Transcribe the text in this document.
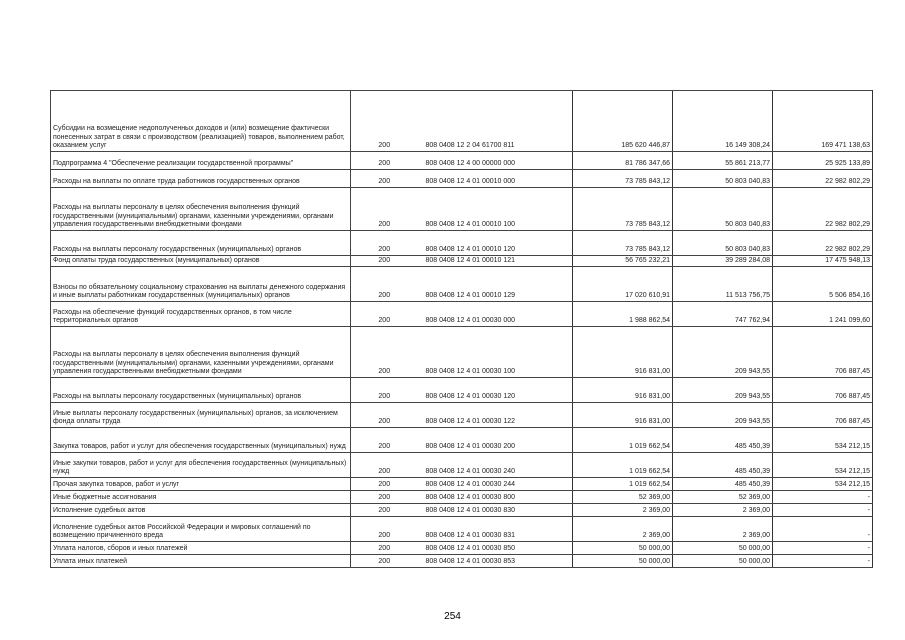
Субсидии на возмещение недополученных доходов и (или) возмещение фактически понесенных затрат в связи с производством (реализацией) товаров, выполнением работ, оказанием услуг	200	808 0408 12 2 04 61700 811	185 620 446,87	16 149 308,24	169 471 138,63
Подпрограмма 4 "Обеспечение реализации государственной программы"	200	808 0408 12 4 00 00000 000	81 786 347,66	55 861 213,77	25 925 133,89
Расходы на выплаты по оплате труда работников государственных органов	200	808 0408 12 4 01 00010 000	73 785 843,12	50 803 040,83	22 982 802,29
Расходы на выплаты персоналу в целях обеспечения выполнения функций государственными (муниципальными) органами, казенными учреждениями, органами управления государственными внебюджетными фондами	200	808 0408 12 4 01 00010 100	73 785 843,12	50 803 040,83	22 982 802,29
Расходы на выплаты персоналу государственных (муниципальных) органов	200	808 0408 12 4 01 00010 120	73 785 843,12	50 803 040,83	22 982 802,29
Фонд оплаты труда государственных (муниципальных) органов	200	808 0408 12 4 01 00010 121	56 765 232,21	39 289 284,08	17 475 948,13
Взносы по обязательному социальному страхованию на выплаты денежного содержания и иные выплаты работникам государственных (муниципальных) органов	200	808 0408 12 4 01 00010 129	17 020 610,91	11 513 756,75	5 506 854,16
Расходы на обеспечение функций государственных органов, в том числе территориальных органов	200	808 0408 12 4 01 00030 000	1 988 862,54	747 762,94	1 241 099,60
Расходы на выплаты персоналу в целях обеспечения выполнения функций государственными (муниципальными) органами, казенными учреждениями, органами управления государственными внебюджетными фондами	200	808 0408 12 4 01 00030 100	916 831,00	209 943,55	706 887,45
Расходы на выплаты персоналу государственных (муниципальных) органов	200	808 0408 12 4 01 00030 120	916 831,00	209 943,55	706 887,45
Иные выплаты персоналу государственных (муниципальных) органов, за исключением фонда оплаты труда	200	808 0408 12 4 01 00030 122	916 831,00	209 943,55	706 887,45
Закупка товаров, работ и услуг для обеспечения государственных (муниципальных) нужд	200	808 0408 12 4 01 00030 200	1 019 662,54	485 450,39	534 212,15
Иные закупки товаров, работ и услуг для обеспечения государственных (муниципальных) нужд	200	808 0408 12 4 01 00030 240	1 019 662,54	485 450,39	534 212,15
Прочая закупка товаров, работ и услуг	200	808 0408 12 4 01 00030 244	1 019 662,54	485 450,39	534 212,15
Иные бюджетные ассигнования	200	808 0408 12 4 01 00030 800	52 369,00	52 369,00	-
Исполнение судебных актов	200	808 0408 12 4 01 00030 830	2 369,00	2 369,00	-
Исполнение судебных актов Российской Федерации и мировых соглашений по возмещению причиненного вреда	200	808 0408 12 4 01 00030 831	2 369,00	2 369,00	-
Уплата налогов, сборов и иных платежей	200	808 0408 12 4 01 00030 850	50 000,00	50 000,00	-
Уплата иных платежей	200	808 0408 12 4 01 00030 853	50 000,00	50 000,00	-
254
